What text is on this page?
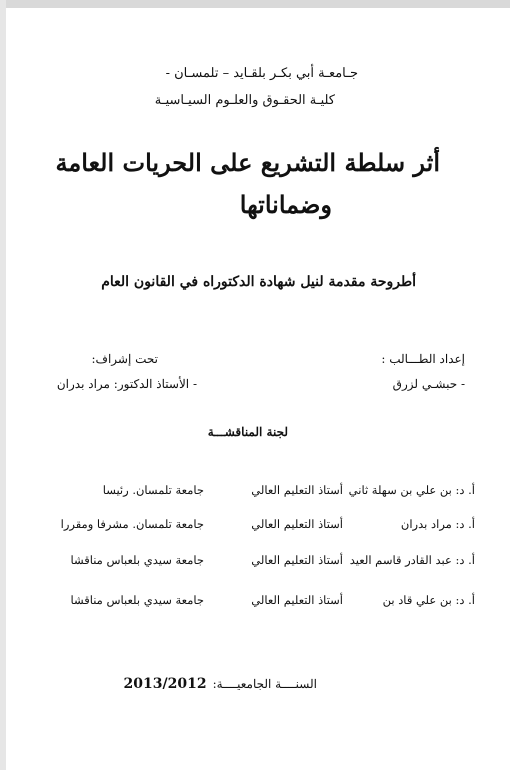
جـامعـة أبي بكـر بلقـايد – تلمسـان -
كليـة الحقـوق والعلـوم السيـاسيـة
أثر سلطة التشريع على الحريات العامة
وضماناتها
أطروحة مقدمة لنيل شهادة الدكتوراه في القانون العام
إعداد الطـــالب :
- حبشـي لزرق
تحت إشراف:
- الأستاذ الدكتور: مراد بدران
لجنة المناقشـــة
أ. د: بن علي بن سهلة ثاني
أستاذ التعليم العالي
جامعة تلمسان. رئيسا
أ. د: مراد بدران
أستاذ التعليم العالي
جامعة تلمسان. مشرفا ومقررا
أ. د: عبد القادر قاسم العيد
أستاذ التعليم العالي
جامعة سيدي بلعباس مناقشا
أ. د: بن علي قاد بن
أستاذ التعليم العالي
جامعة سيدي بلعباس مناقشا
السنــــة الجامعيــــة:2013/2012
